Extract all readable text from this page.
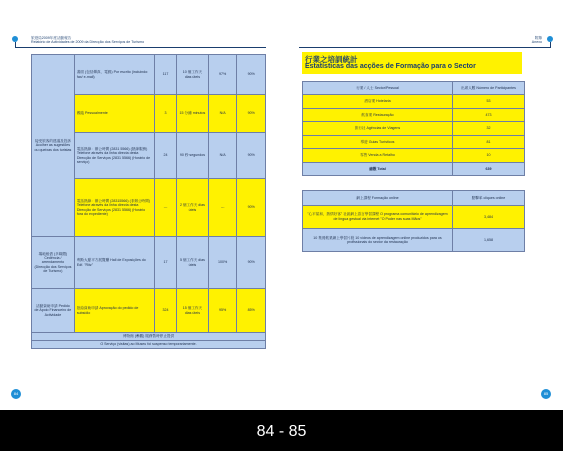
旅遊局2009年度活動報告
Relatório de Actividades de 2009 da Direcção dos Serviços de Turismo
接受旅客的建議及投訴 Acolher as sugestões ou queixas dos turistas	書面 (包括傳真、電郵) Por escrito (incluindo: fax/ e-mail)	117	10 個工作天 dias úteis	97%	90%
	親臨 Pessoalmente	3	15 分鐘 minutos	N/A	90%
	電話熱線：辦公時間 (2831 5566) (熱線服務) Telefone através da linha directa desta Direcção de Serviços (2831 5566) (Horário de serviço)	24	90 秒 segundos	N/A	90%
	電話熱線：辦公時間 (28315566) (非辦公時間) Telefone através da linha directa desta Direcção de Serviços (2831 5566) (Horário fora do expediente)	---	2 個工作天 dias úteis	---	90%
場地租借 (多媒體) Cedência / arrendamento (Direcção dos Serviços de Turismo)	利斯大廈平方展覽廳 Hall de Exposições do Edf. "Ritz"	17	5 個工作天 dias úteis	100%	90%
活動資助申請 Pedido de Apoio Financeiro de Actividade	批給資助申請 Aprovação do pedido de subsídio	324	15 個工作天 dias úteis	95%	85%
博物館 (參觀) 服務暫時停止提供					
O Serviço (visitas) ao Museu foi suspenso temporariamente.					
84
附錄
Anexo
85
行業之培訓統計
Estatísticas das acções de Formação para o Sector
行業 / 人士 Sector/Pessoal	出席人數 Número de Participantes
酒店業 Hotelaria	53
飲食業 Restauração	473
旅行社 Agências de Viagens	32
導遊 Guias Turísticos	81
零售 Venda a Retalho	10
總數 Total	639
網上課程 Formação online	點擊率 cliques online
"心平氣和，熱情好客" 社區網上語言學習課程 O programa comunitário de aprendizagem de língua gestual via internet "O Poder nas suas Mãos"	3,484
10 集餐飲業網上學習片段 10 vídeos de aprendizagem online produzidos para os profissionais do sector da restauração	1,658
84 - 85
